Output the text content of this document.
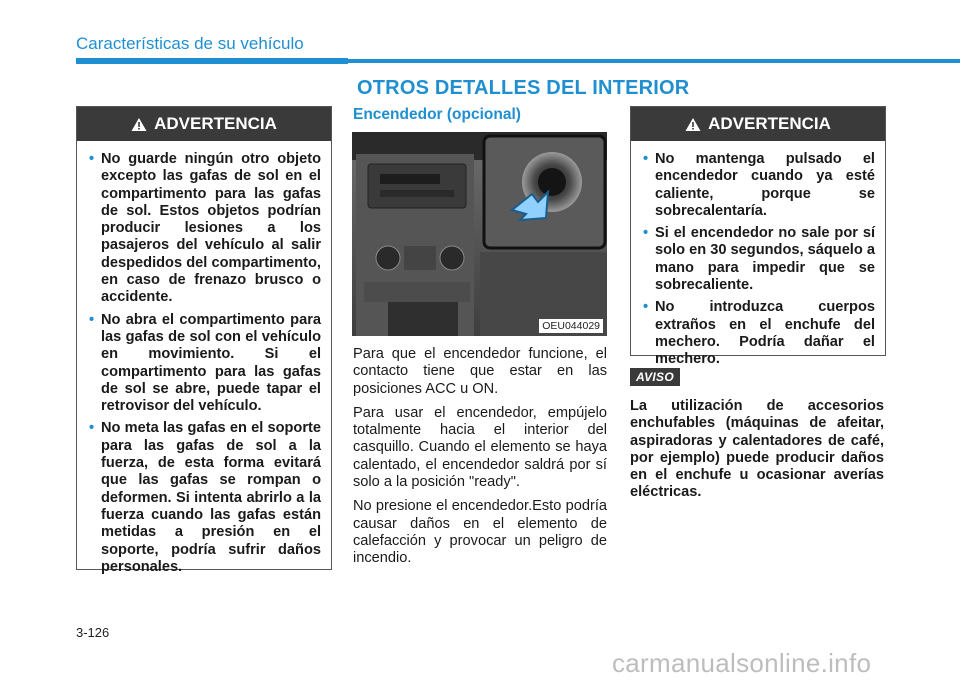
Características de su vehículo
OTROS DETALLES DEL INTERIOR
ADVERTENCIA
• No guarde ningún otro objeto excepto las gafas de sol en el compartimento para las gafas de sol. Estos objetos podrían producir lesiones a los pasajeros del vehículo al salir despedidos del compartimento, en caso de frenazo brusco o accidente.
• No abra el compartimento para las gafas de sol con el vehículo en movimiento. Si el compartimento para las gafas de sol se abre, puede tapar el retrovisor del vehículo.
• No meta las gafas en el soporte para las gafas de sol a la fuerza, de esta forma evitará que las gafas se rompan o deformen. Si intenta abrirlo a la fuerza cuando las gafas están metidas a presión en el soporte, podría sufrir daños personales.
Encendedor (opcional)
OEU044029

Para que el encendedor funcione, el contacto tiene que estar en las posiciones ACC u ON.

Para usar el encendedor, empújelo totalmente hacia el interior del casquillo. Cuando el elemento se haya calentado, el encendedor saldrá por sí solo a la posición "ready".

No presione el encendedor.Esto podría causar daños en el elemento de calefacción y provocar un peligro de incendio.

ADVERTENCIA
• No mantenga pulsado el encendedor cuando ya esté caliente, porque se sobrecalentaría.
• Si el encendedor no sale por sí solo en 30 segundos, sáquelo a mano para impedir que se sobrecaliente.
• No introduzca cuerpos extraños en el enchufe del mechero. Podría dañar el mechero.
AVISO

La utilización de accesorios enchufables (máquinas de afeitar, aspiradoras y calentadores de café, por ejemplo) puede producir daños en el enchufe u ocasionar averías eléctricas.

3-126
carmanualsonline.info
